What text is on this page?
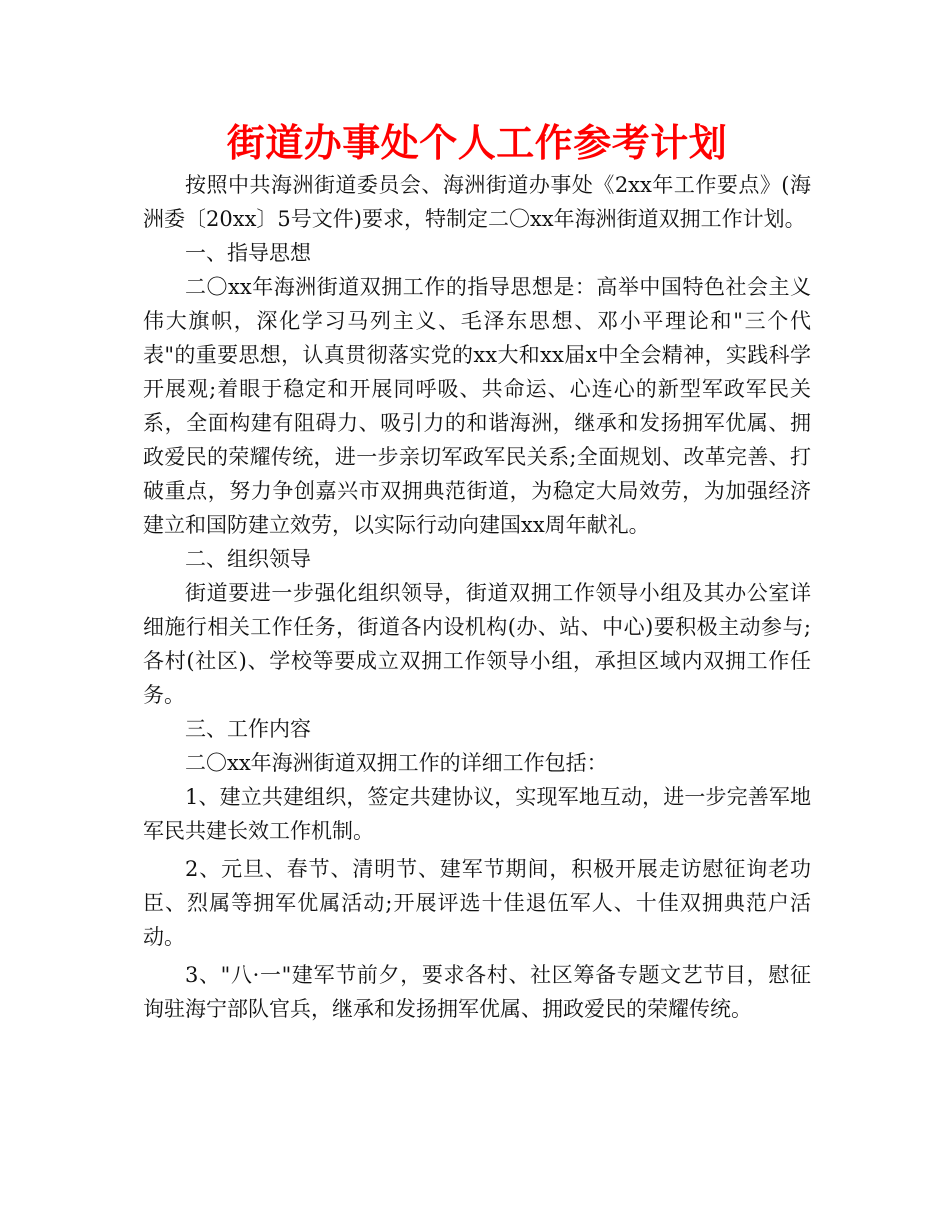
街道办事处个人工作参考计划

按照中共海洲街道委员会、海洲街道办事处《2xx年工作要点》(海洲委〔20xx〕5号文件)要求，特制定二〇xx年海洲街道双拥工作计划。

一、指导思想

二〇xx年海洲街道双拥工作的指导思想是：高举中国特色社会主义伟大旗帜，深化学习马列主义、毛泽东思想、邓小平理论和"三个代表"的重要思想，认真贯彻落实党的xx大和xx届x中全会精神，实践科学开展观;着眼于稳定和开展同呼吸、共命运、心连心的新型军政军民关系，全面构建有阻碍力、吸引力的和谐海洲，继承和发扬拥军优属、拥政爱民的荣耀传统，进一步亲切军政军民关系;全面规划、改革完善、打破重点，努力争创嘉兴市双拥典范街道，为稳定大局效劳，为加强经济建立和国防建立效劳，以实际行动向建国xx周年献礼。

二、组织领导

街道要进一步强化组织领导，街道双拥工作领导小组及其办公室详细施行相关工作任务，街道各内设机构(办、站、中心)要积极主动参与;各村(社区)、学校等要成立双拥工作领导小组，承担区域内双拥工作任务。

三、工作内容

二〇xx年海洲街道双拥工作的详细工作包括：

1、建立共建组织，签定共建协议，实现军地互动，进一步完善军地军民共建长效工作机制。

2、元旦、春节、清明节、建军节期间，积极开展走访慰征询老功臣、烈属等拥军优属活动;开展评选十佳退伍军人、十佳双拥典范户活动。

3、"八·一"建军节前夕，要求各村、社区筹备专题文艺节目，慰征询驻海宁部队官兵，继承和发扬拥军优属、拥政爱民的荣耀传统。
